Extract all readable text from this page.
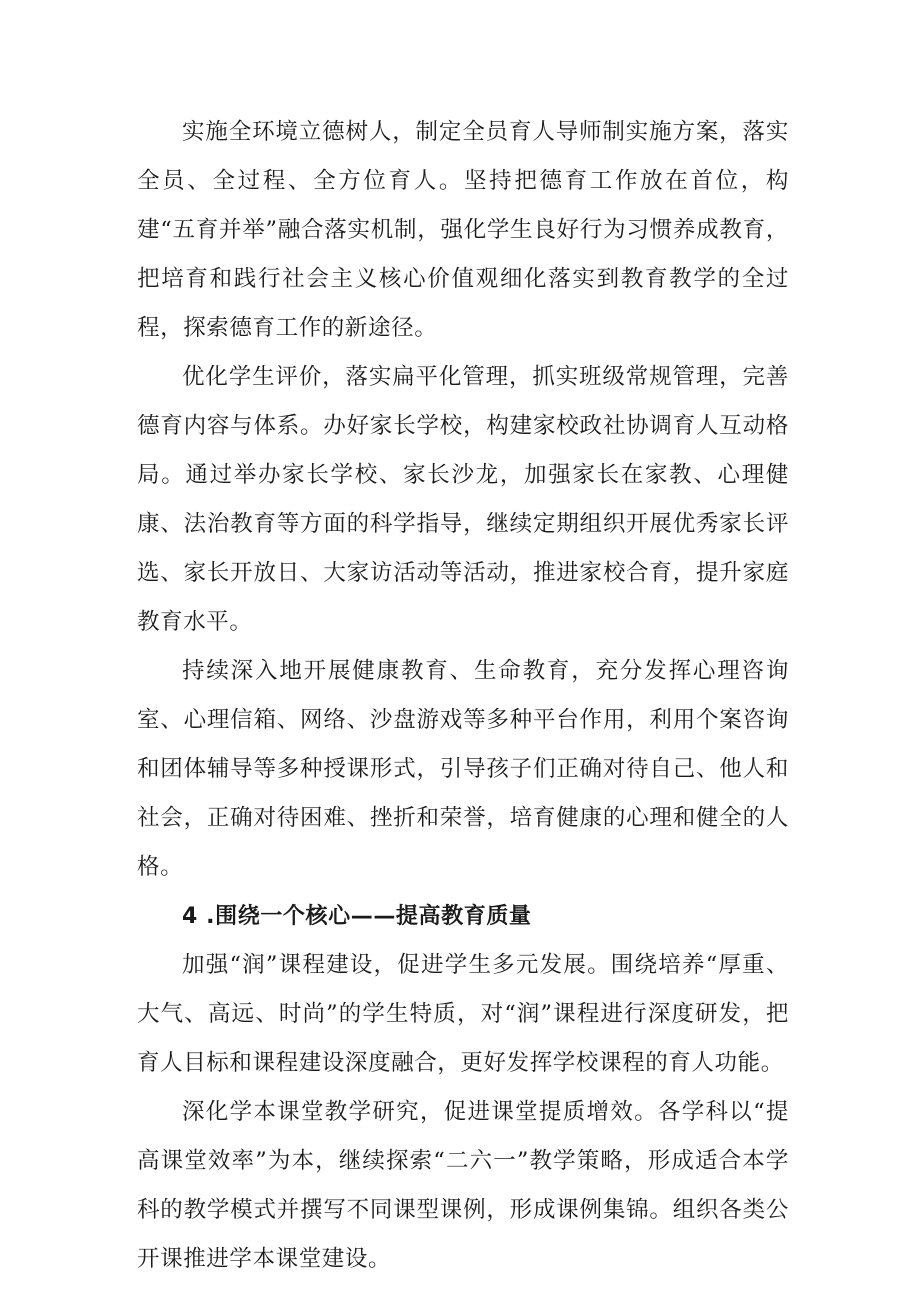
实施全环境立德树人，制定全员育人导师制实施方案，落实全员、全过程、全方位育人。坚持把德育工作放在首位，构建“五育并举”融合落实机制，强化学生良好行为习惯养成教育，把培育和践行社会主义核心价值观细化落实到教育教学的全过程，探索德育工作的新途径。

优化学生评价，落实扁平化管理，抓实班级常规管理，完善德育内容与体系。办好家长学校，构建家校政社协调育人互动格局。通过举办家长学校、家长沙龙，加强家长在家教、心理健康、法治教育等方面的科学指导，继续定期组织开展优秀家长评选、家长开放日、大家访活动等活动，推进家校合育，提升家庭教育水平。

持续深入地开展健康教育、生命教育，充分发挥心理咨询室、心理信箱、网络、沙盘游戏等多种平台作用，利用个案咨询和团体辅导等多种授课形式，引导孩子们正确对待自己、他人和社会，正确对待困难、挫折和荣誉，培育健康的心理和健全的人格。

4 .围绕一个核心——提高教育质量

加强“润”课程建设，促进学生多元发展。围绕培养“厚重、大气、高远、时尚”的学生特质，对“润”课程进行深度研发，把育人目标和课程建设深度融合，更好发挥学校课程的育人功能。

深化学本课堂教学研究，促进课堂提质增效。各学科以“提高课堂效率”为本，继续探索“二六一”教学策略，形成适合本学科的教学模式并撰写不同课型课例，形成课例集锦。组织各类公开课推进学本课堂建设。
